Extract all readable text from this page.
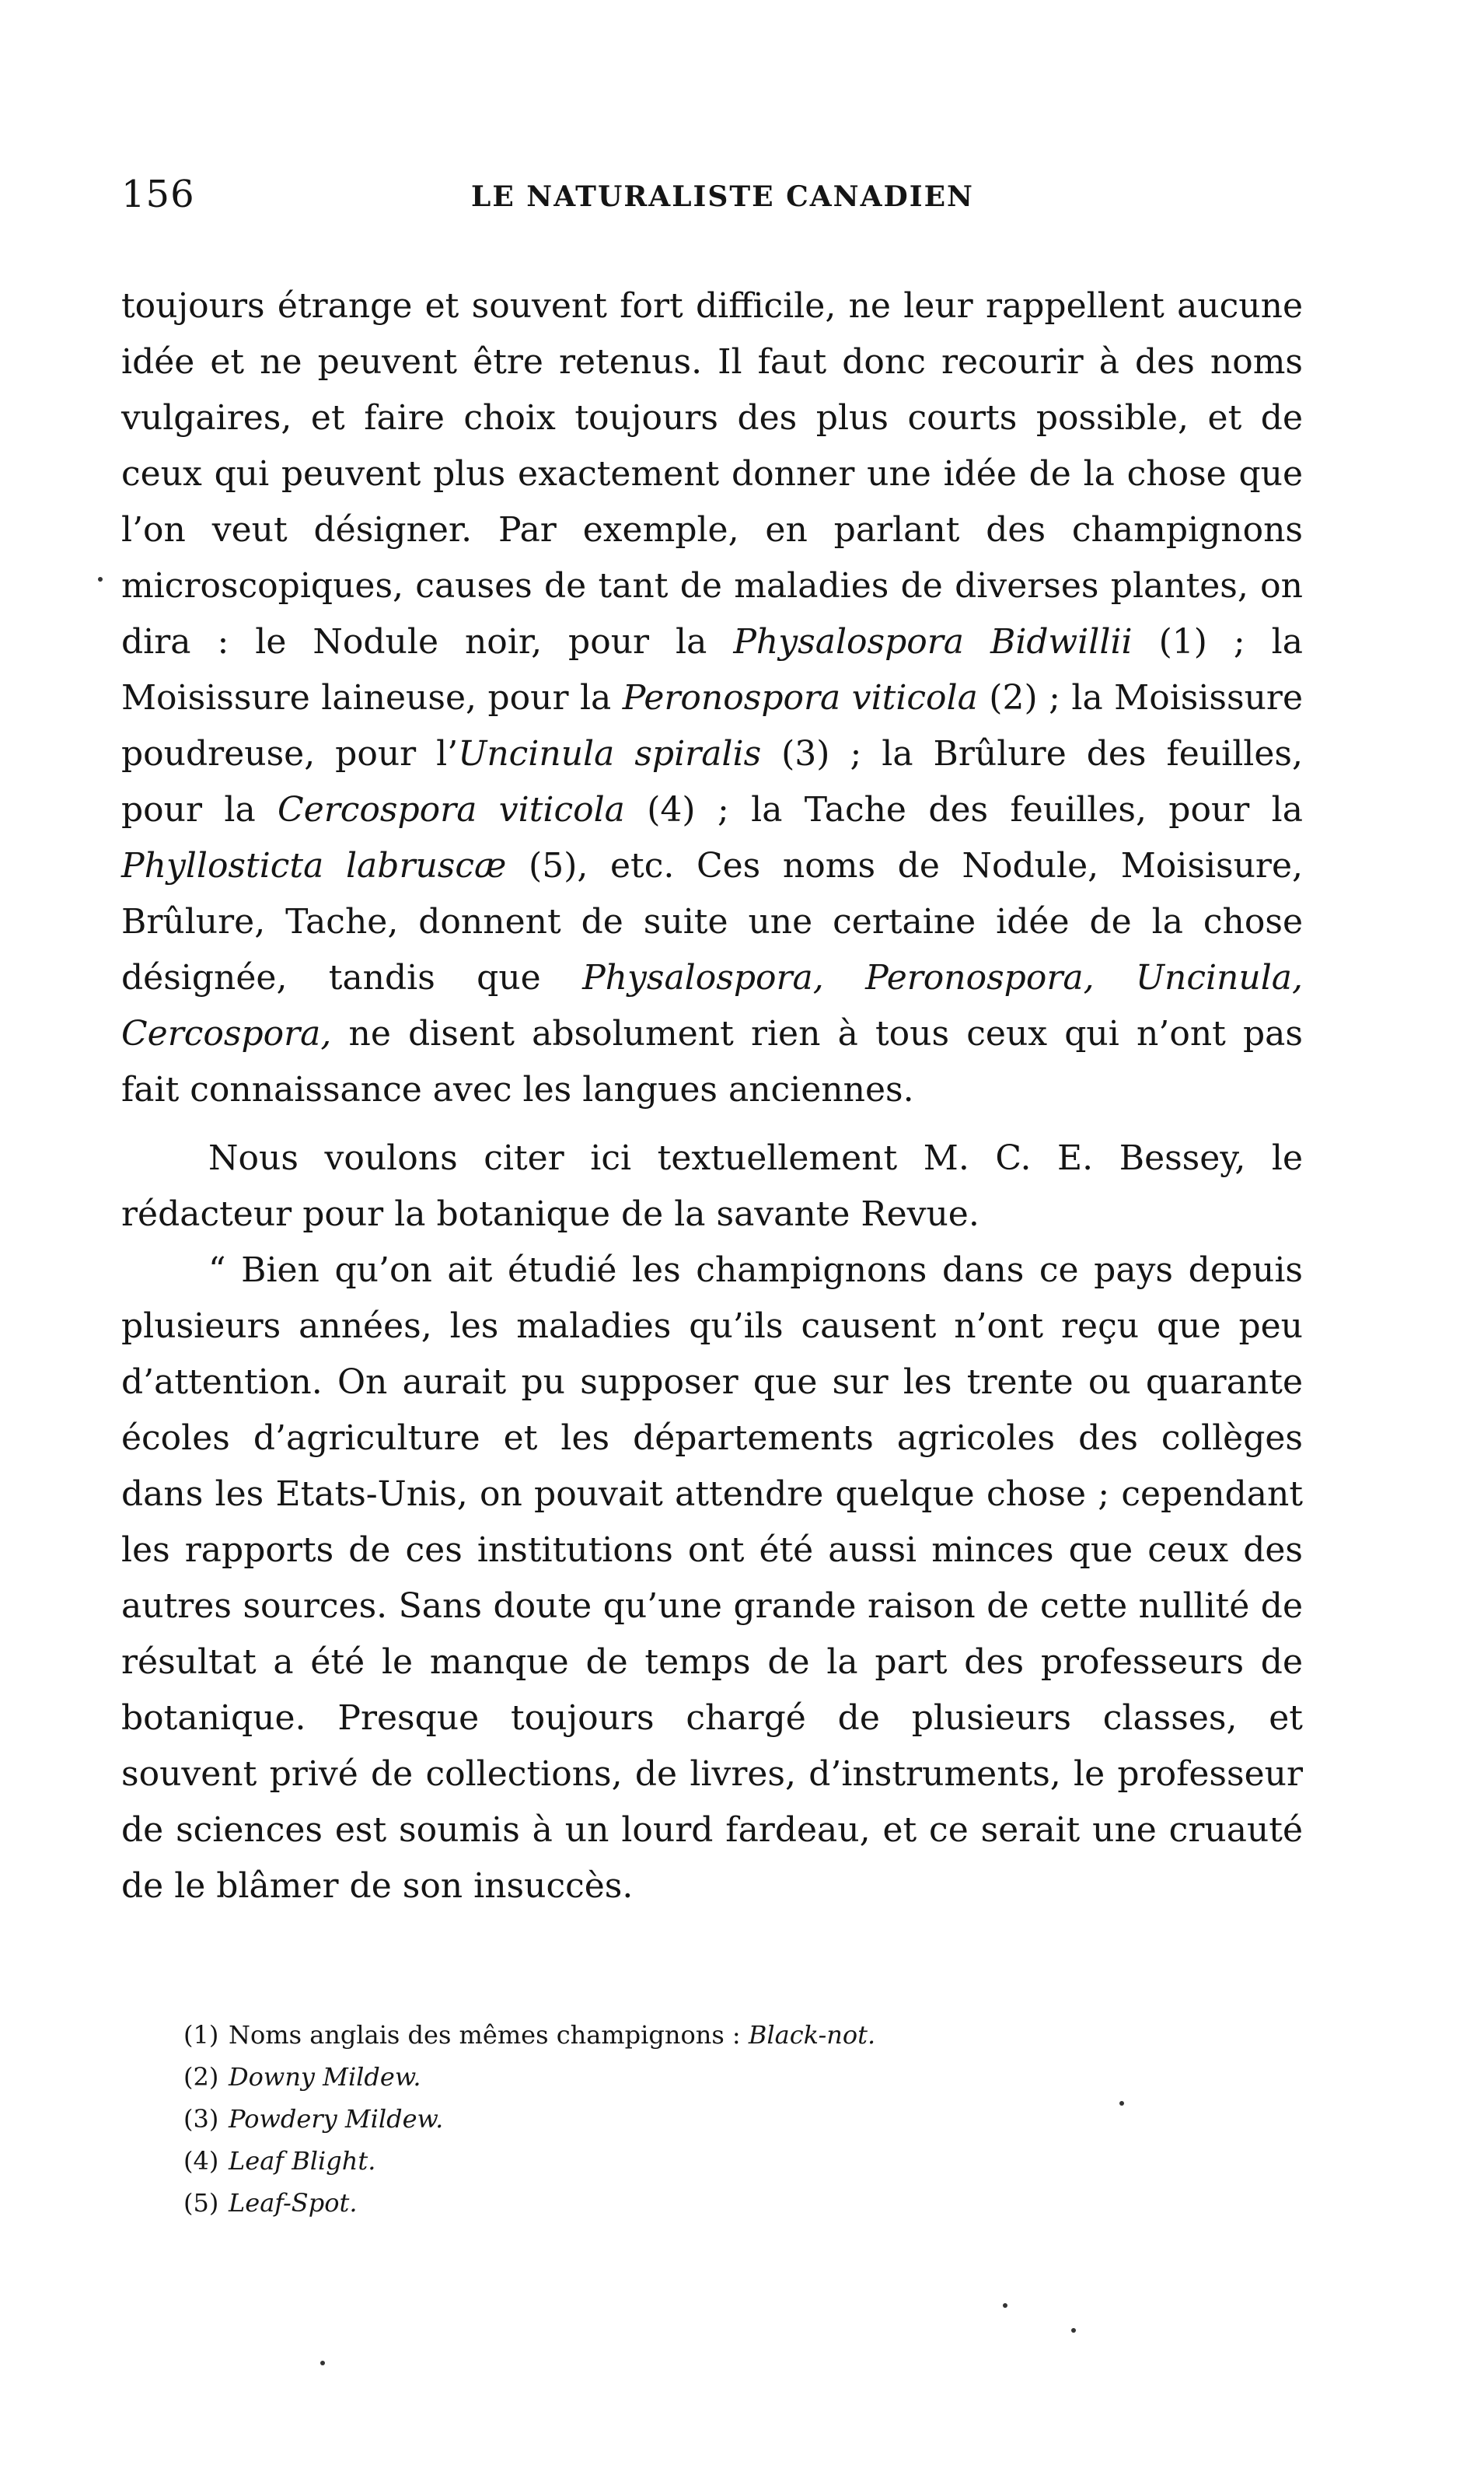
156	LE NATURALISTE CANADIEN

toujours étrange et souvent fort difficile, ne leur rappellent aucune idée et ne peuvent être retenus. Il faut donc recourir à des noms vulgaires, et faire choix toujours des plus courts possible, et de ceux qui peuvent plus exactement donner une idée de la chose que l’on veut désigner. Par exemple, en parlant des champignons microscopiques, causes de tant de maladies de diverses plantes, on dira : le Nodule noir, pour la Physalospora Bidwillii (1) ; la Moisissure laineuse, pour la Peronospora viticola (2) ; la Moisissure poudreuse, pour l’Uncinula spiralis (3) ; la Brûlure des feuilles, pour la Cercospora viticola (4) ; la Tache des feuilles, pour la Phyllosticta labruscæ (5), etc. Ces noms de Nodule, Moisisure, Brûlure, Tache, donnent de suite une certaine idée de la chose désignée, tandis que Physalospora, Peronospora, Uncinula, Cercospora, ne disent absolument rien à tous ceux qui n’ont pas fait connaissance avec les langues anciennes.

Nous voulons citer ici textuellement M. C. E. Bessey, le rédacteur pour la botanique de la savante Revue.

“ Bien qu’on ait étudié les champignons dans ce pays depuis plusieurs années, les maladies qu’ils causent n’ont reçu que peu d’attention. On aurait pu supposer que sur les trente ou quarante écoles d’agriculture et les départements agricoles des collèges dans les Etats-Unis, on pouvait attendre quelque chose ; cependant les rapports de ces institutions ont été aussi minces que ceux des autres sources. Sans doute qu’une grande raison de cette nullité de résultat a été le manque de temps de la part des professeurs de botanique. Presque toujours chargé de plusieurs classes, et souvent privé de collections, de livres, d’instruments, le professeur de sciences est soumis à un lourd fardeau, et ce serait une cruauté de le blâmer de son insuccès.

(1) Noms anglais des mêmes champignons : Black-not.

(2) Downy Mildew.

(3) Powdery Mildew.

(4) Leaf Blight.

(5) Leaf-Spot.
